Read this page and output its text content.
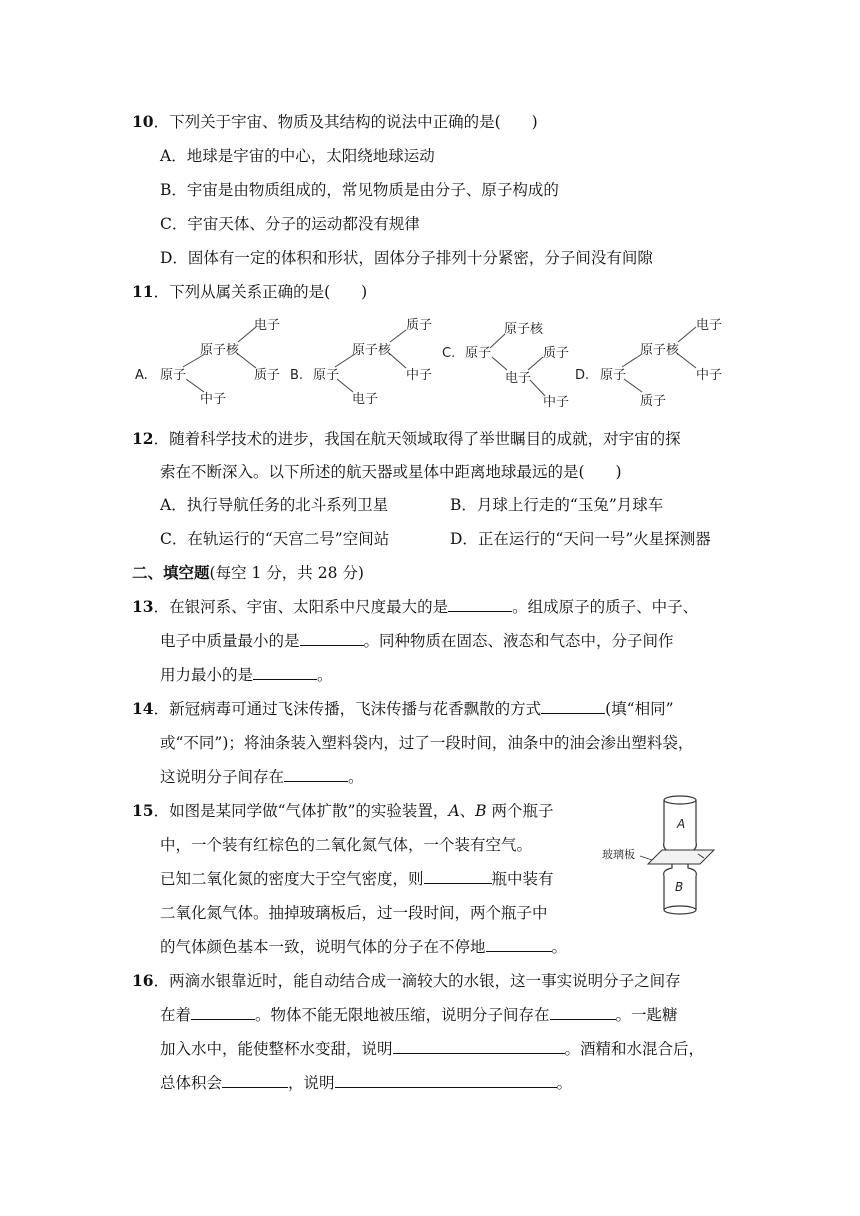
10．下列关于宇宙、物质及其结构的说法中正确的是(　　)
A．地球是宇宙的中心，太阳绕地球运动
B．宇宙是由物质组成的，常见物质是由分子、原子构成的
C．宇宙天体、分子的运动都没有规律
D．固体有一定的体积和形状，固体分子排列十分紧密，分子间没有间隙
11．下列从属关系正确的是(　　)
A. 原子
原子核
电子
质子
中子
B. 原子
原子核
质子
中子
电子
C. 原子
原子核
质子
电子
中子
D. 原子
原子核
电子
中子
质子
12．随着科学技术的进步，我国在航天领域取得了举世瞩目的成就，对宇宙的探
索在不断深入。以下所述的航天器或星体中距离地球最远的是(　　)
A．执行导航任务的北斗系列卫星	B．月球上行走的“玉兔”月球车
C．在轨运行的“天宫二号”空间站	D．正在运行的“天问一号”火星探测器
二、填空题(每空 1 分，共 28 分)
13．在银河系、宇宙、太阳系中尺度最大的是	。组成原子的质子、中子、
电子中质量最小的是	。同种物质在固态、液态和气态中，分子间作
用力最小的是	。
14．新冠病毒可通过飞沫传播，飞沫传播与花香飘散的方式	(填“相同”
或“不同”)；将油条装入塑料袋内，过了一段时间，油条中的油会渗出塑料袋，
这说明分子间存在	。
15．如图是某同学做“气体扩散”的实验装置，A、B 两个瓶子
中，一个装有红棕色的二氧化氮气体，一个装有空气。
已知二氧化氮的密度大于空气密度，则	瓶中装有
二氧化氮气体。抽掉玻璃板后，过一段时间，两个瓶子中
的气体颜色基本一致，说明气体的分子在不停地	。
A
玻璃板
B
16．两滴水银靠近时，能自动结合成一滴较大的水银，这一事实说明分子之间存
在着	。物体不能无限地被压缩，说明分子间存在	。一匙糖
加入水中，能使整杯水变甜，说明	。酒精和水混合后，
总体积会	，说明	。
